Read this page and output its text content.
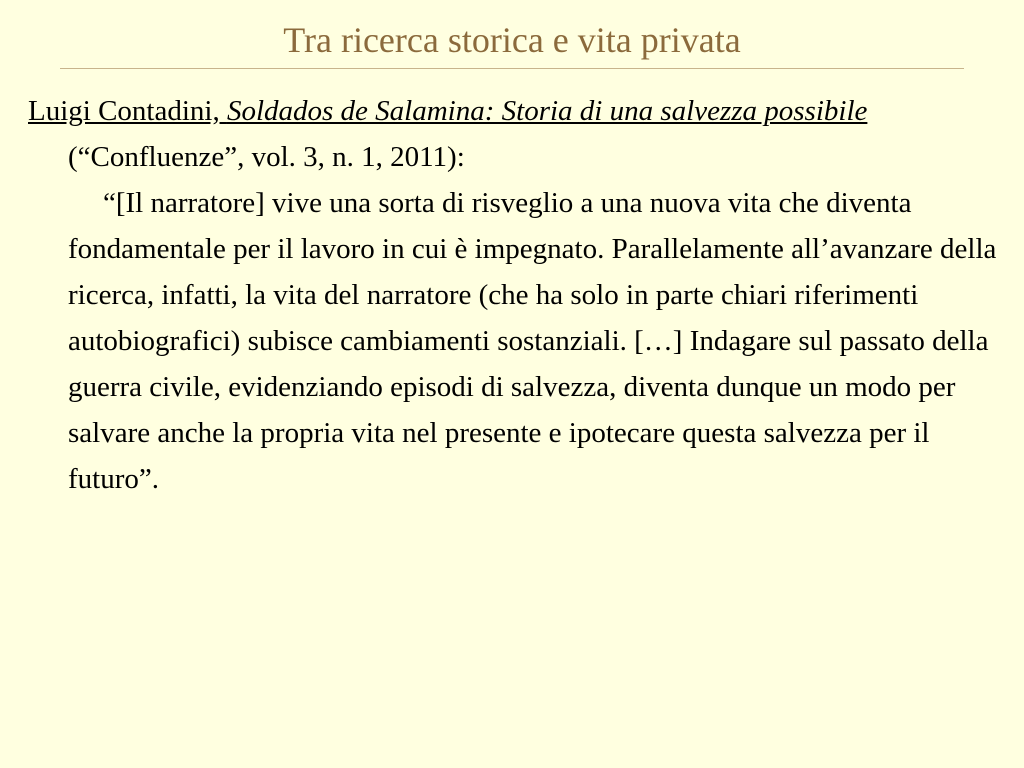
Tra ricerca storica e vita privata

Luigi Contadini, Soldados de Salamina: Storia di una salvezza possibile (“Confluenze”, vol. 3, n. 1, 2011):

“[Il narratore] vive una sorta di risveglio a una nuova vita che diventa fondamentale per il lavoro in cui è impegnato. Parallelamente all’avanzare della ricerca, infatti, la vita del narratore (che ha solo in parte chiari riferimenti autobiografici) subisce cambiamenti sostanziali. […] Indagare sul passato della guerra civile, evidenziando episodi di salvezza, diventa dunque un modo per salvare anche la propria vita nel presente e ipotecare questa salvezza per il futuro”.
